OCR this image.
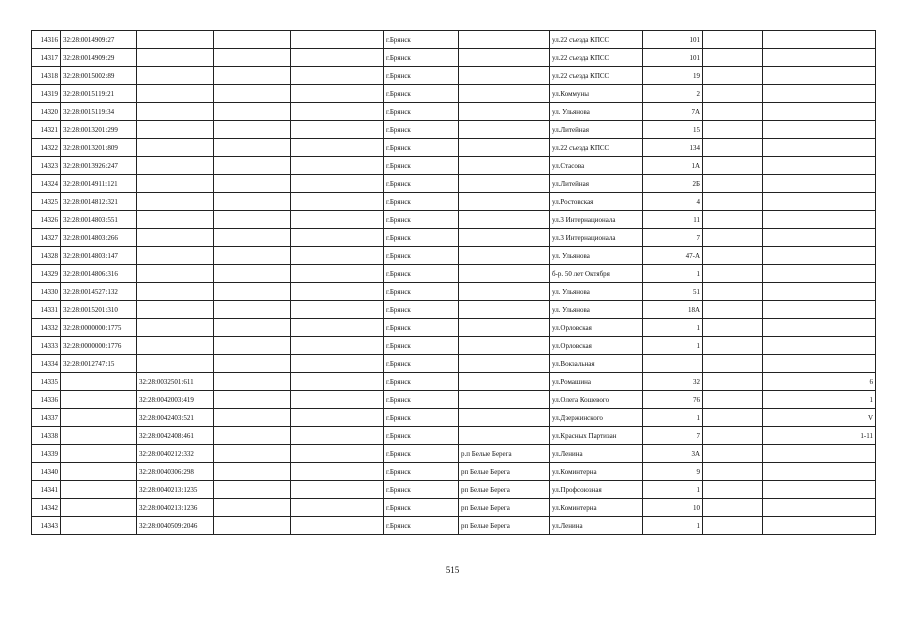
14316	32:28:0014909:27				г.Брянск		ул.22 съезда КПСС	101		
14317	32:28:0014909:29				г.Брянск		ул.22 съезда КПСС	101		
14318	32:28:0015002:89				г.Брянск		ул.22 съезда КПСС	19		
14319	32:28:0015119:21				г.Брянск		ул.Коммуны	2		
14320	32:28:0015119:34				г.Брянск		ул. Ульянова	7А		
14321	32:28:0013201:299				г.Брянск		ул.Литейная	15		
14322	32:28:0013201:809				г.Брянск		ул.22 съезда КПСС	134		
14323	32:28:0013926:247				г.Брянск		ул.Стасова	1А		
14324	32:28:0014911:121				г.Брянск		ул.Литейная	2Б		
14325	32:28:0014812:321				г.Брянск		ул.Ростовская	4		
14326	32:28:0014803:551				г.Брянск		ул.3 Интернационала	11		
14327	32:28:0014803:266				г.Брянск		ул.3 Интернационала	7		
14328	32:28:0014803:147				г.Брянск		ул. Ульянова	47-А		
14329	32:28:0014806:316				г.Брянск		б-р. 50 лет Октября	1		
14330	32:28:0014527:132				г.Брянск		ул. Ульянова	51		
14331	32:28:0015201:310				г.Брянск		ул. Ульянова	18А		
14332	32:28:0000000:1775				г.Брянск		ул.Орловская	1		
14333	32:28:0000000:1776				г.Брянск		ул.Орловская	1		
14334	32:28:0012747:15				г.Брянск		ул.Вокзальная			
14335		32:28:0032501:611			г.Брянск		ул.Ромашина	32		6
14336		32:28:0042003:419			г.Брянск		ул.Олега Кошевого	76		1
14337		32:28:0042403:521			г.Брянск		ул.Дзержинского	1		V
14338		32:28:0042408:461			г.Брянск		ул.Красных Партизан	7		1-11
14339		32:28:0040212:332			г.Брянск	р.п Белые Берега	ул.Ленина	3А		
14340		32:28:0040306:298			г.Брянск	рп Белые Берега	ул.Коминтерна	9		
14341		32:28:0040213:1235			г.Брянск	рп Белые Берега	ул.Профсоюзная	1		
14342		32:28:0040213:1236			г.Брянск	рп Белые Берега	ул.Коминтерна	10		
14343		32:28:0040509:2046			г.Брянск	рп Белые Берега	ул.Ленина	1		
515
